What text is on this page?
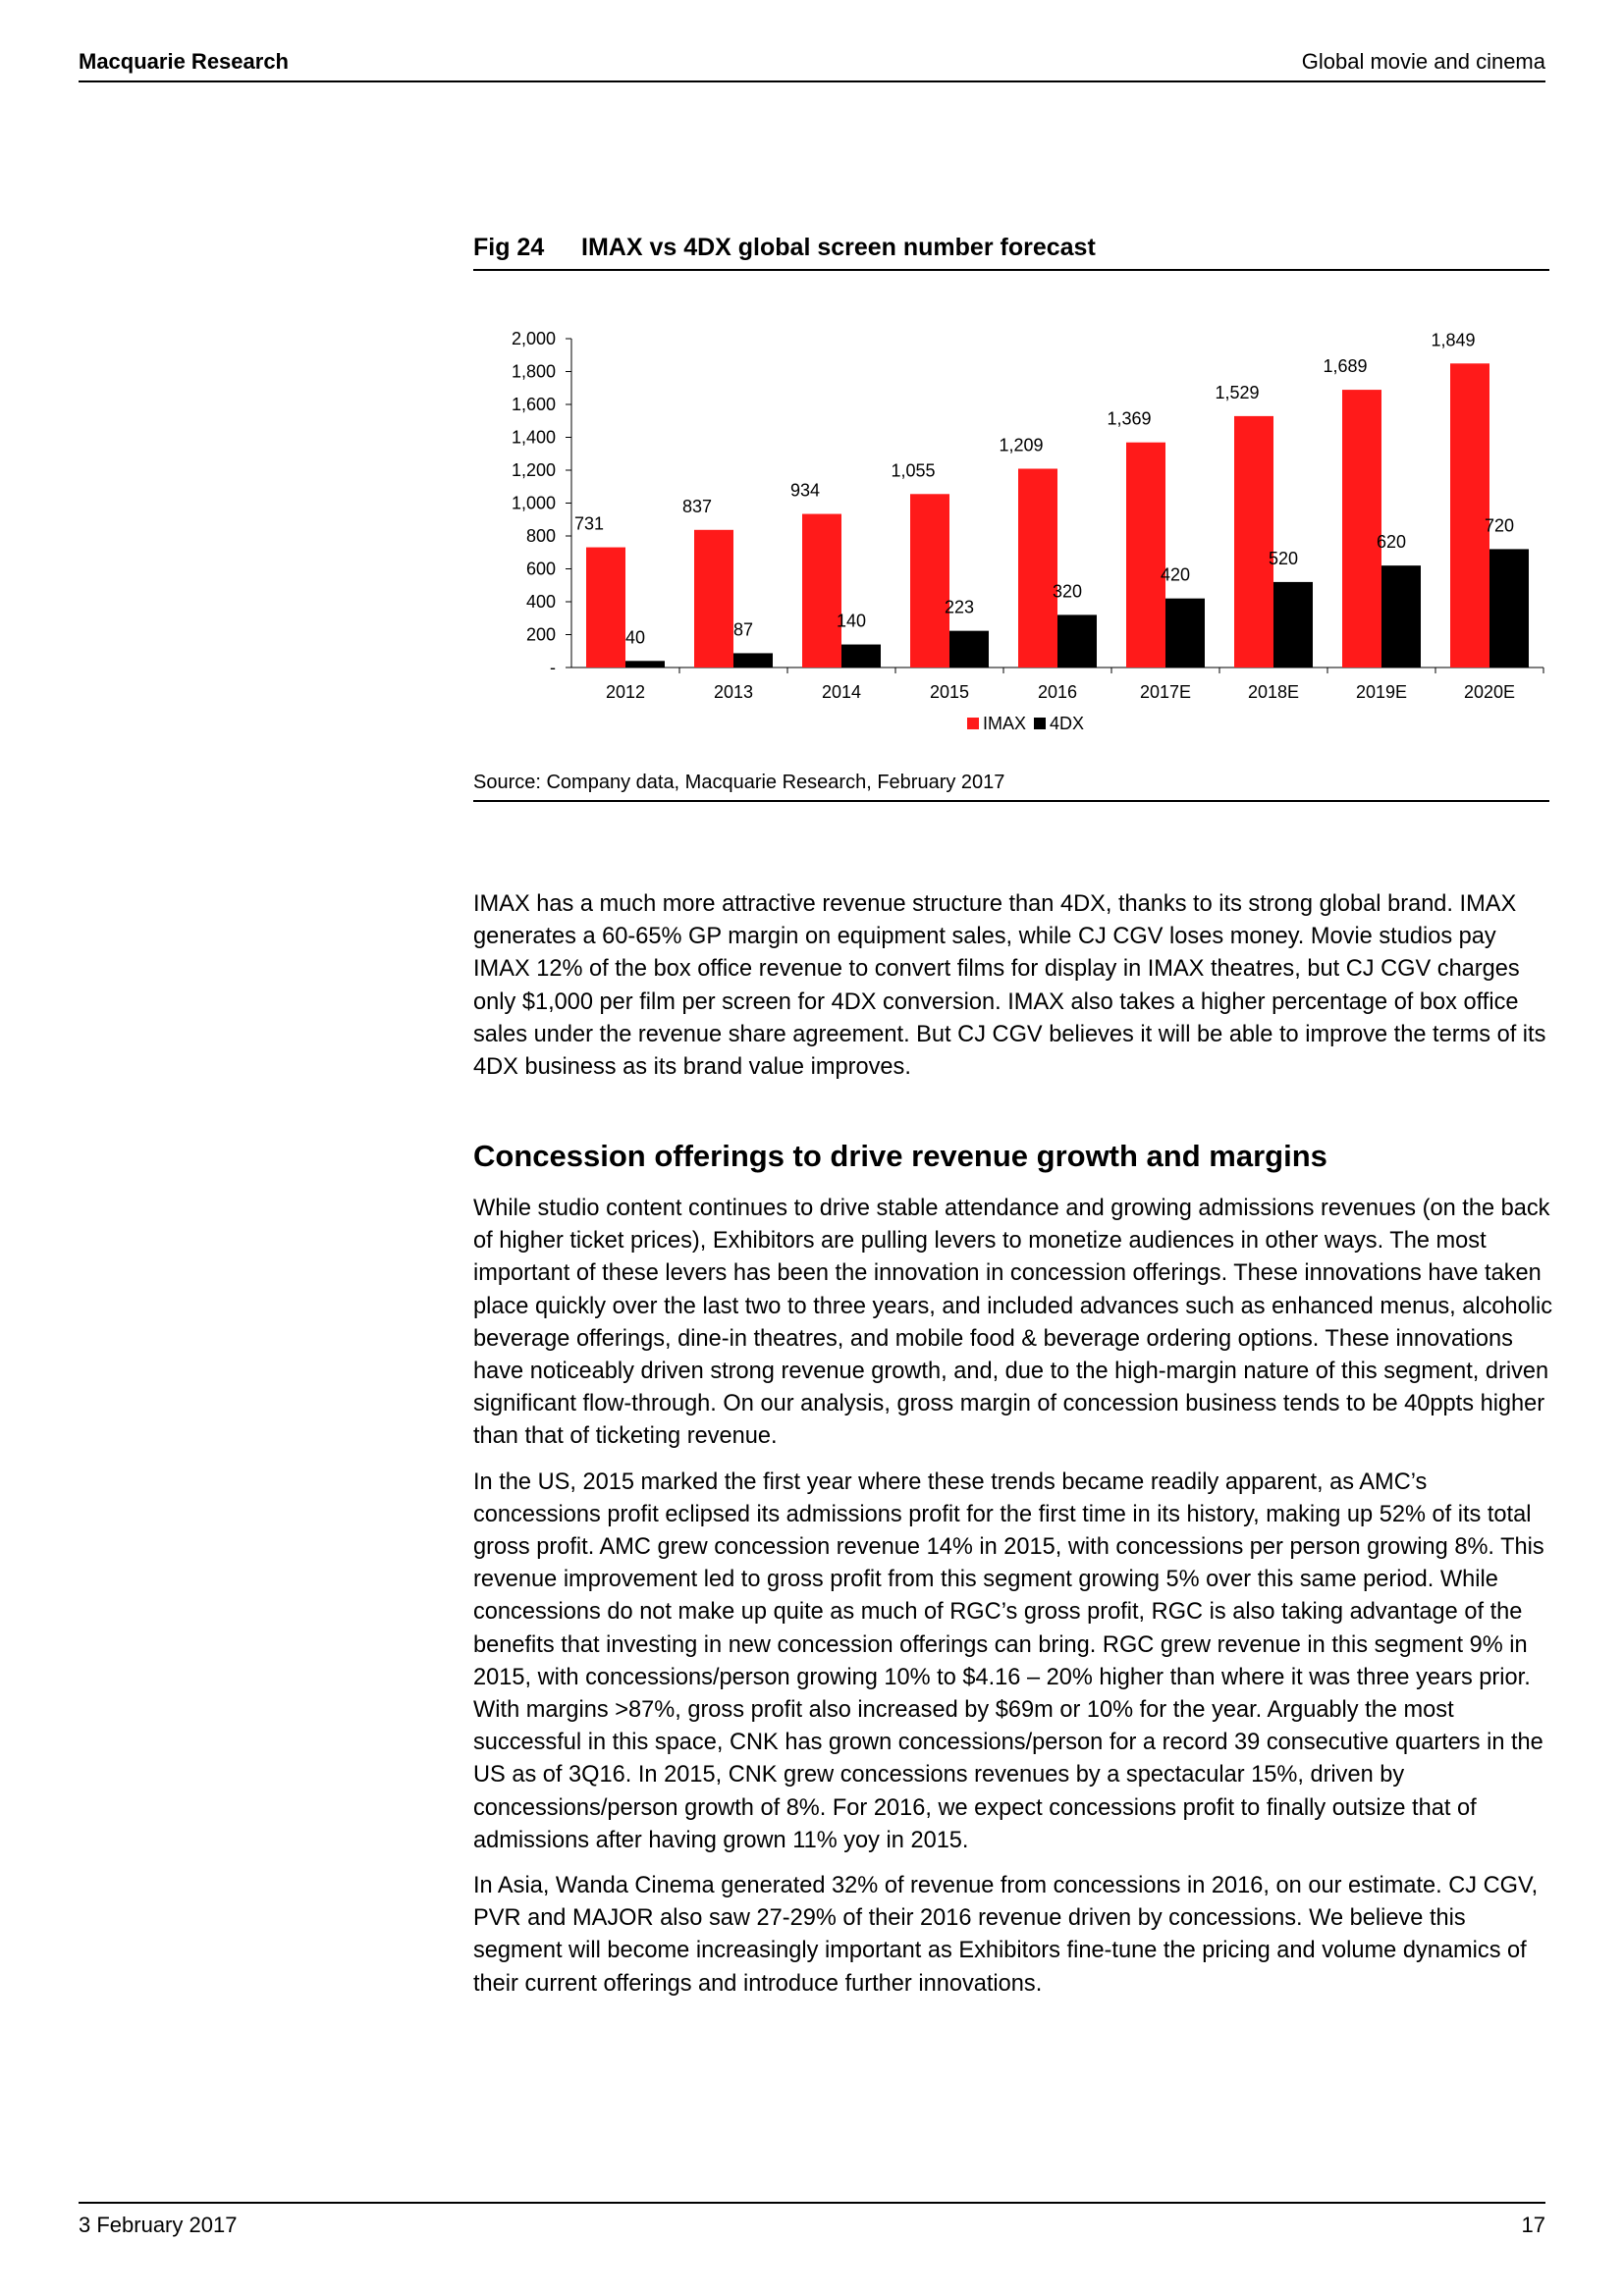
Macquarie Research	Global movie and cinema
Fig 24 IMAX vs 4DX global screen number forecast
-
200
400
600
800
1,000
1,200
1,400
1,600
1,800
2,000
731
40
2012
837
87
2013
934
140
2014
1,055
223
2015
1,209
320
2016
1,369
420
2017E
1,529
520
2018E
1,689
620
2019E
1,849
720
2020E
IMAX 4DX
Source: Company data, Macquarie Research, February 2017

IMAX has a much more attractive revenue structure than 4DX, thanks to its strong global brand. IMAX generates a 60-65% GP margin on equipment sales, while CJ CGV loses money. Movie studios pay IMAX 12% of the box office revenue to convert films for display in IMAX theatres, but CJ CGV charges only $1,000 per film per screen for 4DX conversion. IMAX also takes a higher percentage of box office sales under the revenue share agreement. But CJ CGV believes it will be able to improve the terms of its 4DX business as its brand value improves.

Concession offerings to drive revenue growth and margins

While studio content continues to drive stable attendance and growing admissions revenues (on the back of higher ticket prices), Exhibitors are pulling levers to monetize audiences in other ways. The most important of these levers has been the innovation in concession offerings. These innovations have taken place quickly over the last two to three years, and included advances such as enhanced menus, alcoholic beverage offerings, dine-in theatres, and mobile food & beverage ordering options. These innovations have noticeably driven strong revenue growth, and, due to the high-margin nature of this segment, driven significant flow-through. On our analysis, gross margin of concession business tends to be 40ppts higher than that of ticketing revenue.

In the US, 2015 marked the first year where these trends became readily apparent, as AMC’s concessions profit eclipsed its admissions profit for the first time in its history, making up 52% of its total gross profit. AMC grew concession revenue 14% in 2015, with concessions per person growing 8%. This revenue improvement led to gross profit from this segment growing 5% over this same period. While concessions do not make up quite as much of RGC’s gross profit, RGC is also taking advantage of the benefits that investing in new concession offerings can bring. RGC grew revenue in this segment 9% in 2015, with concessions/person growing 10% to $4.16 – 20% higher than where it was three years prior. With margins >87%, gross profit also increased by $69m or 10% for the year. Arguably the most successful in this space, CNK has grown concessions/person for a record 39 consecutive quarters in the US as of 3Q16. In 2015, CNK grew concessions revenues by a spectacular 15%, driven by concessions/person growth of 8%. For 2016, we expect concessions profit to finally outsize that of admissions after having grown 11% yoy in 2015.

In Asia, Wanda Cinema generated 32% of revenue from concessions in 2016, on our estimate. CJ CGV, PVR and MAJOR also saw 27-29% of their 2016 revenue driven by concessions. We believe this segment will become increasingly important as Exhibitors fine-tune the pricing and volume dynamics of their current offerings and introduce further innovations.

3 February 2017	17
